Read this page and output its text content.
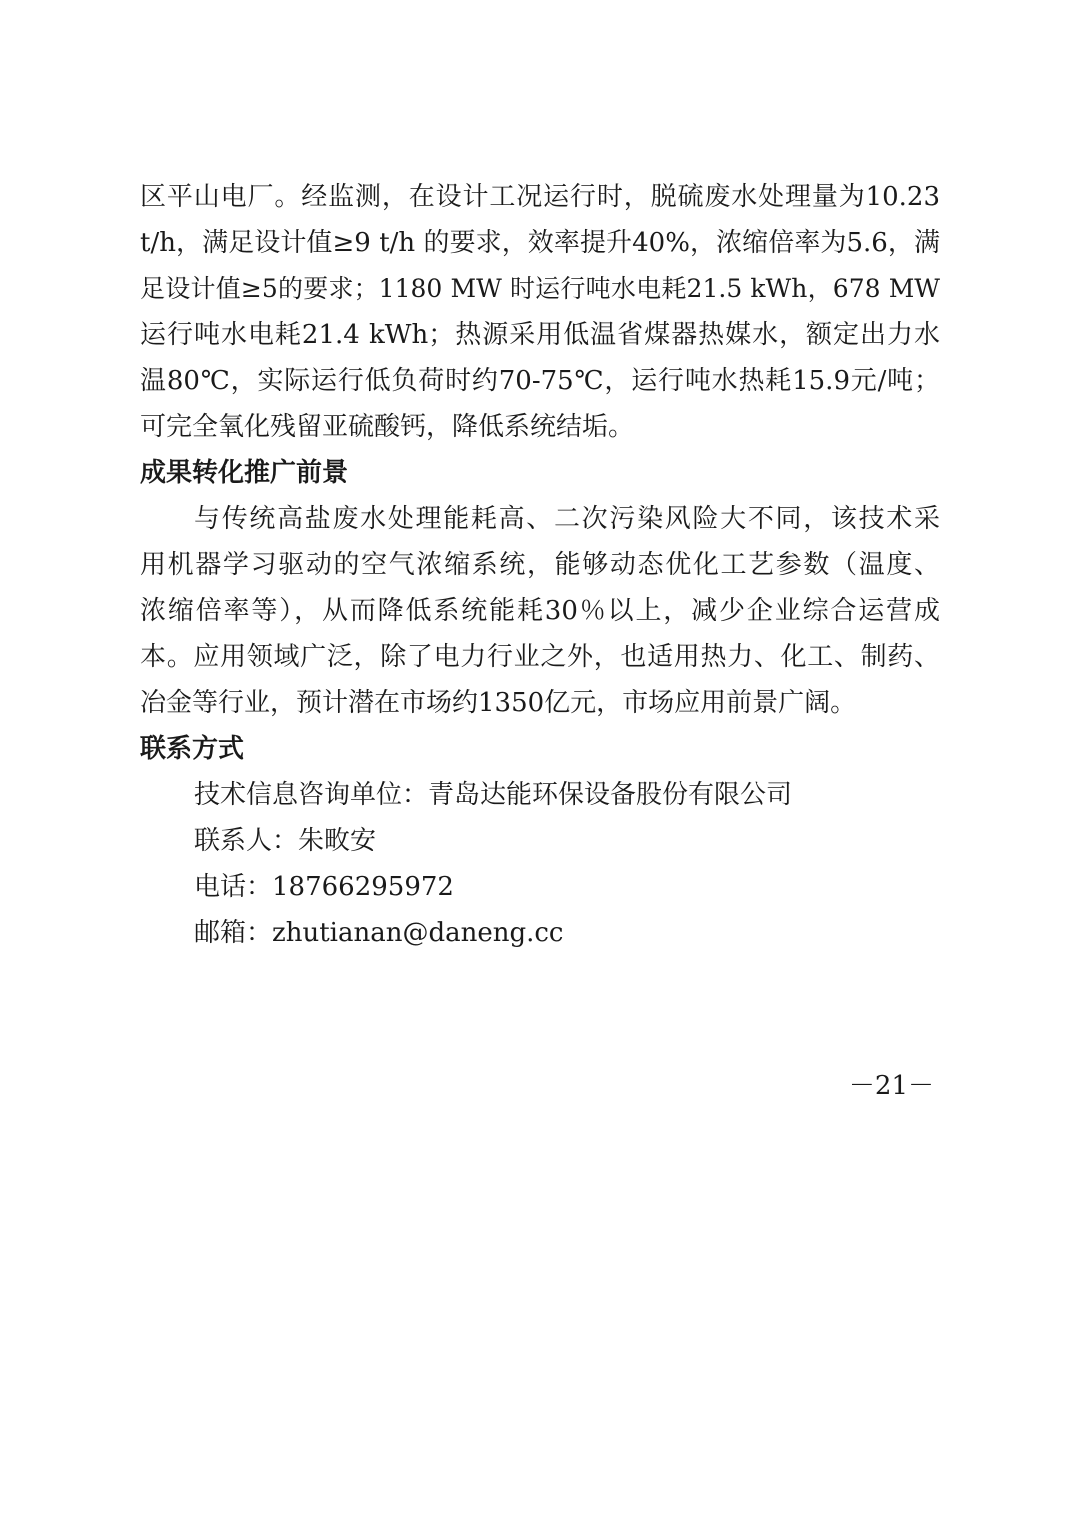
区平山电厂。经监测，在设计工况运行时，脱硫废水处理量为10.23
t/h，满足设计值≥9 t/h 的要求，效率提升40%，浓缩倍率为5.6，满
足设计值≥5的要求；1180 MW 时运行吨水电耗21.5 kWh，678 MW
运行吨水电耗21.4 kWh；热源采用低温省煤器热媒水，额定出力水
温80℃，实际运行低负荷时约70-75℃，运行吨水热耗15.9元/吨；
可完全氧化残留亚硫酸钙，降低系统结垢。
成果转化推广前景
与传统高盐废水处理能耗高、二次污染风险大不同，该技术采
用机器学习驱动的空气浓缩系统，能够动态优化工艺参数（温度、
浓缩倍率等），从而降低系统能耗30％以上，减少企业综合运营成
本。应用领域广泛，除了电力行业之外，也适用热力、化工、制药、
冶金等行业，预计潜在市场约1350亿元，市场应用前景广阔。
联系方式
技术信息咨询单位：青岛达能环保设备股份有限公司
联系人：朱畋安
电话：18766295972
邮箱：zhutianan@daneng.cc
－21－
